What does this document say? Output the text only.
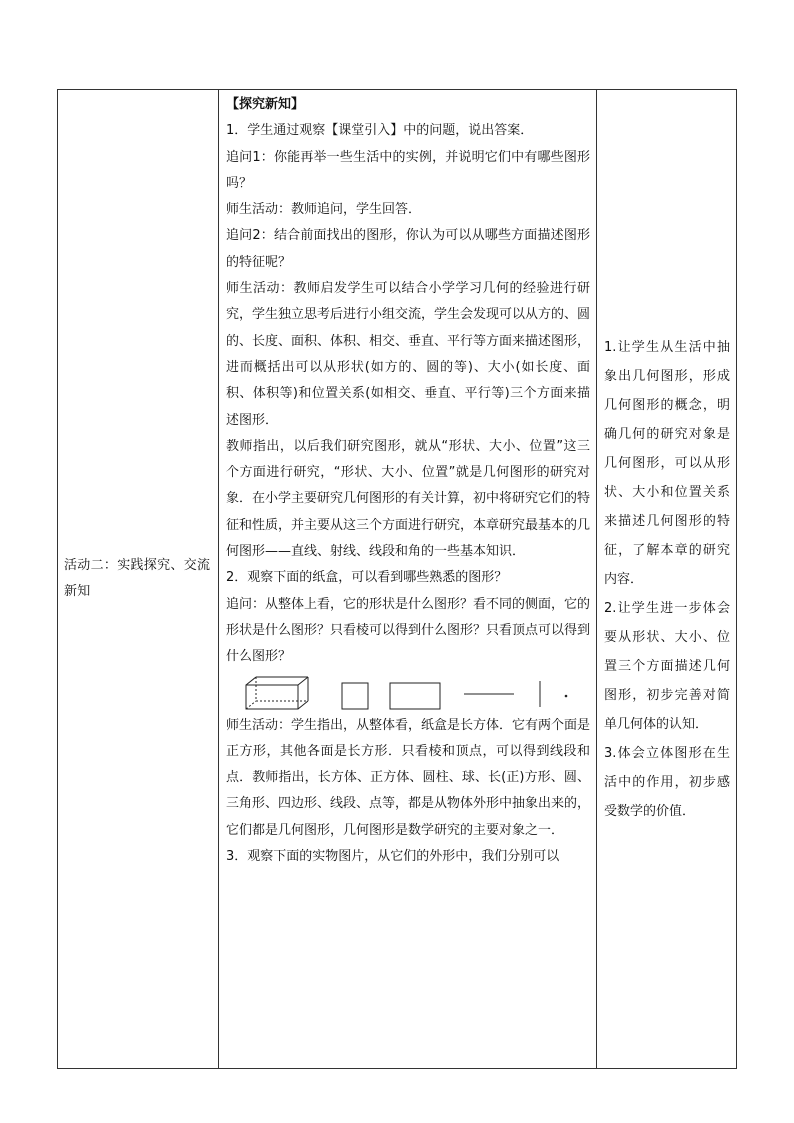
活动二：实践探究、交流新知

【探究新知】

1．学生通过观察【课堂引入】中的问题，说出答案．

追问1：你能再举一些生活中的实例，并说明它们中有哪些图形吗？

师生活动：教师追问，学生回答．

追问2：结合前面找出的图形，你认为可以从哪些方面描述图形的特征呢？

师生活动：教师启发学生可以结合小学学习几何的经验进行研究，学生独立思考后进行小组交流，学生会发现可以从方的、圆的、长度、面积、体积、相交、垂直、平行等方面来描述图形，进而概括出可以从形状(如方的、圆的等)、大小(如长度、面积、体积等)和位置关系(如相交、垂直、平行等)三个方面来描述图形．

教师指出，以后我们研究图形，就从“形状、大小、位置”这三个方面进行研究，“形状、大小、位置”就是几何图形的研究对象．在小学主要研究几何图形的有关计算，初中将研究它们的特征和性质，并主要从这三个方面进行研究，本章研究最基本的几何图形——直线、射线、线段和角的一些基本知识．

2．观察下面的纸盒，可以看到哪些熟悉的图形？

追问：从整体上看，它的形状是什么图形？看不同的侧面，它的形状是什么图形？只看棱可以得到什么图形？只看顶点可以得到什么图形？

师生活动：学生指出，从整体看，纸盒是长方体．它有两个面是正方形，其他各面是长方形．只看棱和顶点，可以得到线段和点．教师指出，长方体、正方体、圆柱、球、长(正)方形、圆、三角形、四边形、线段、点等，都是从物体外形中抽象出来的，它们都是几何图形，几何图形是数学研究的主要对象之一．

3．观察下面的实物图片，从它们的外形中，我们分别可以

1.让学生从生活中抽象出几何图形，形成几何图形的概念，明确几何的研究对象是几何图形，可以从形状、大小和位置关系来描述几何图形的特征，了解本章的研究内容．

2.让学生进一步体会要从形状、大小、位置三个方面描述几何图形，初步完善对简单几何体的认知．

3.体会立体图形在生活中的作用，初步感受数学的价值．
